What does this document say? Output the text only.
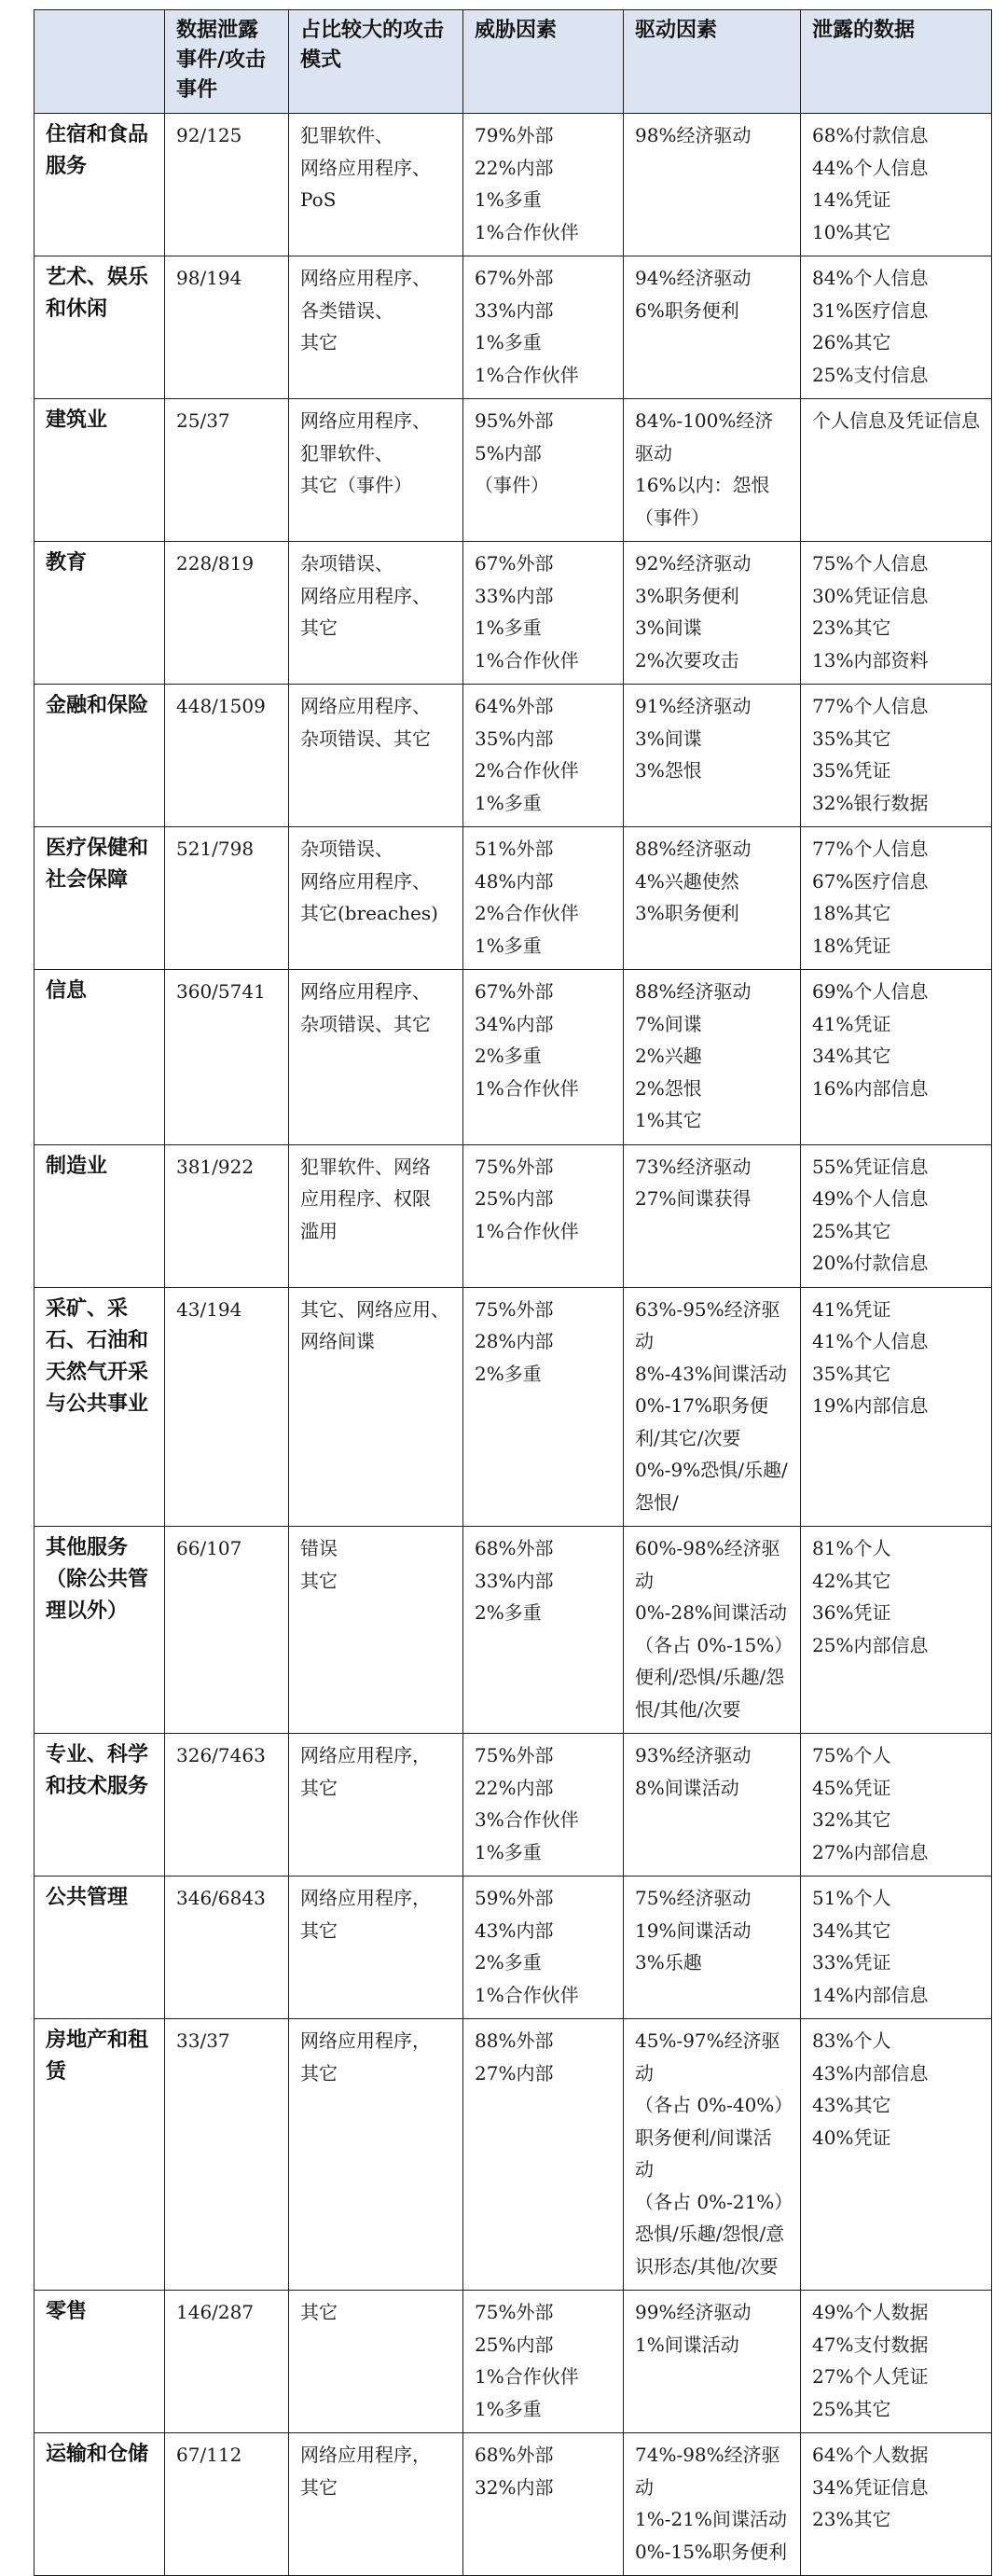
	数据泄露事件/攻击事件	占比较大的攻击模式	威胁因素	驱动因素	泄露的数据
住宿和食品服务	92/125	犯罪软件、
网络应用程序、
PoS	79%外部
22%内部
1%多重
1%合作伙伴	98%经济驱动	68%付款信息
44%个人信息
14%凭证
10%其它

艺术、娱乐和休闲	98/194	网络应用程序、
各类错误、
其它	67%外部
33%内部
1%多重
1%合作伙伴	94%经济驱动
6%职务便利	84%个人信息
31%医疗信息
26%其它
25%支付信息

建筑业	25/37	网络应用程序、
犯罪软件、
其它（事件）	95%外部
5%内部
（事件）	84%-100%经济驱动
16%以内：怨恨（事件）	个人信息及凭证信息

教育	228/819	杂项错误、
网络应用程序、
其它	67%外部
33%内部
1%多重
1%合作伙伴	92%经济驱动
3%职务便利
3%间谍
2%次要攻击	75%个人信息
30%凭证信息
23%其它
13%内部资料

金融和保险	448/1509	网络应用程序、
杂项错误、其它	64%外部
35%内部
2%合作伙伴
1%多重	91%经济驱动
3%间谍
3%怨恨	77%个人信息
35%其它
35%凭证
32%银行数据

医疗保健和社会保障	521/798	杂项错误、
网络应用程序、
其它(breaches)	51%外部
48%内部
2%合作伙伴
1%多重	88%经济驱动
4%兴趣使然
3%职务便利	77%个人信息
67%医疗信息
18%其它
18%凭证

信息	360/5741	网络应用程序、
杂项错误、其它	67%外部
34%内部
2%多重
1%合作伙伴	88%经济驱动
7%间谍
2%兴趣
2%怨恨
1%其它	69%个人信息
41%凭证
34%其它
16%内部信息

制造业	381/922	犯罪软件、网络
应用程序、权限
滥用	75%外部
25%内部
1%合作伙伴	73%经济驱动
27%间谍获得	55%凭证信息
49%个人信息
25%其它
20%付款信息

采矿、采石、石油和天然气开采与公共事业	43/194	其它、网络应用、
网络间谍	75%外部
28%内部
2%多重	63%-95%经济驱动
8%-43%间谍活动
0%-17%职务便利/其它/次要
0%-9%恐惧/乐趣/怨恨/	41%凭证
41%个人信息
35%其它
19%内部信息

其他服务（除公共管理以外）	66/107	错误
其它	68%外部
33%内部
2%多重	60%-98%经济驱动
0%-28%间谍活动（各占 0%-15%）便利/恐惧/乐趣/怨恨/其他/次要	81%个人
42%其它
36%凭证
25%内部信息

专业、科学和技术服务	326/7463	网络应用程序，
其它	75%外部
22%内部
3%合作伙伴 1%多重	93%经济驱动
8%间谍活动	75%个人
45%凭证
32%其它
27%内部信息

公共管理	346/6843	网络应用程序，
其它	59%外部
43%内部
2%多重
1%合作伙伴	75%经济驱动
19%间谍活动
3%乐趣	51%个人
34%其它
33%凭证
14%内部信息

房地产和租赁	33/37	网络应用程序，
其它	88%外部
27%内部	45%-97%经济驱动
（各占 0%-40%）职务便利/间谍活动
（各占 0%-21%）恐惧/乐趣/怨恨/意识形态/其他/次要	83%个人
43%内部信息
43%其它
40%凭证

零售	146/287	其它	75%外部
25%内部
1%合作伙伴
1%多重	99%经济驱动
1%间谍活动	49%个人数据
47%支付数据
27%个人凭证
25%其它

运输和仓储	67/112	网络应用程序，
其它	68%外部
32%内部	74%-98%经济驱动
1%-21%间谍活动
0%-15%职务便利	64%个人数据
34%凭证信息
23%其它
